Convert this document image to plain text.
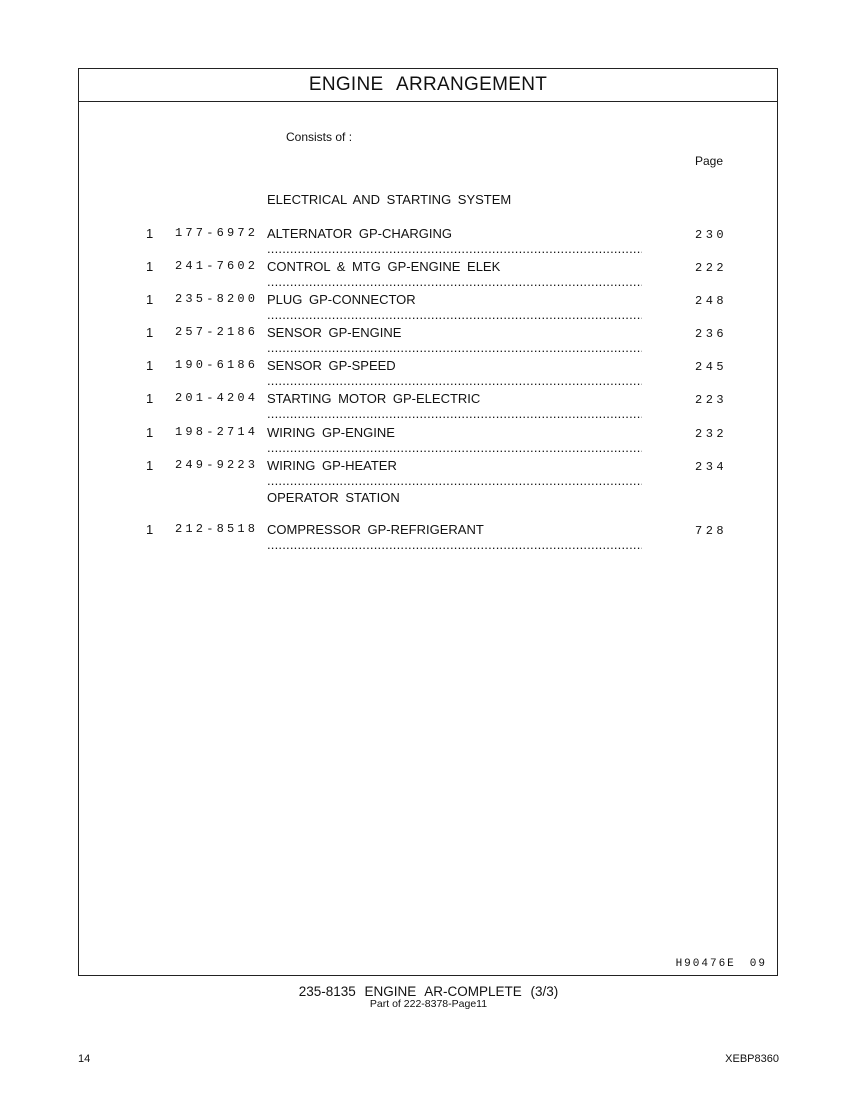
ENGINE ARRANGEMENT
Consists of :
Page
ELECTRICAL AND STARTING SYSTEM
1 177-6972 ALTERNATOR GP-CHARGING .....	230
1 241-7602 CONTROL & MTG GP-ENGINE ELEK .....	222
1 235-8200 PLUG GP-CONNECTOR .....	248
1 257-2186 SENSOR GP-ENGINE .....	236
1 190-6186 SENSOR GP-SPEED .....	245
1 201-4204 STARTING MOTOR GP-ELECTRIC .....	223
1 198-2714 WIRING GP-ENGINE .....	232
1 249-9223 WIRING GP-HEATER .....	234
OPERATOR STATION
1 212-8518 COMPRESSOR GP-REFRIGERANT .....	728
H90476E 09
235-8135 ENGINE AR-COMPLETE (3/3)
Part of 222-8378-Page11
14	XEBP8360
